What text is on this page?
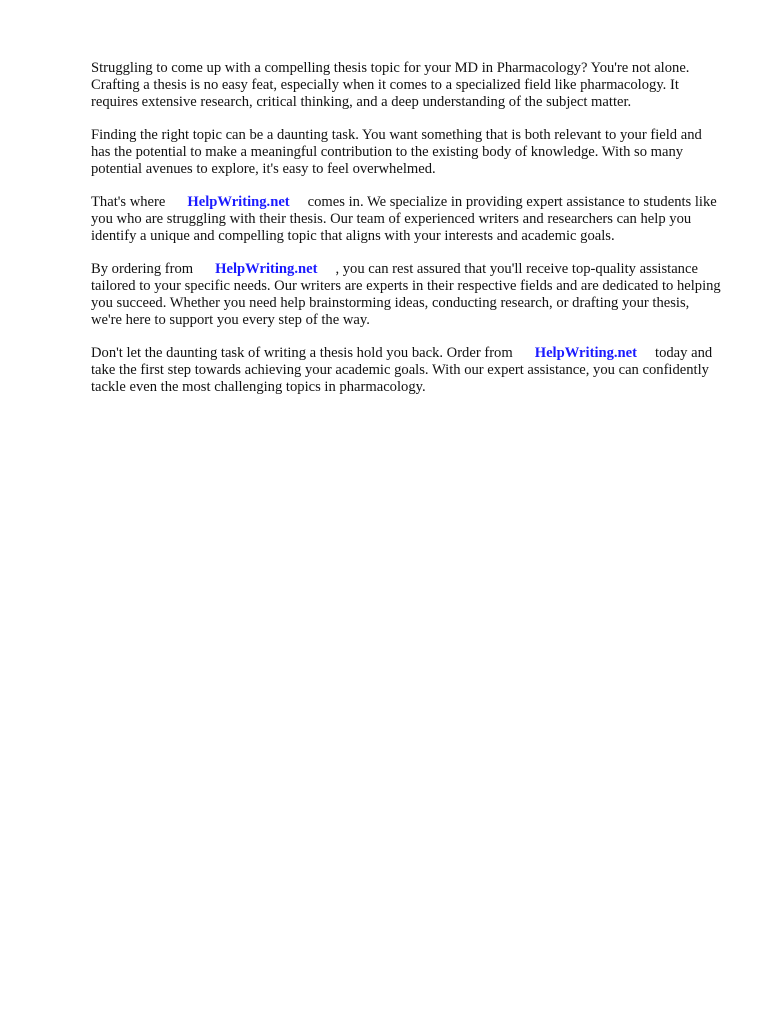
Struggling to come up with a compelling thesis topic for your MD in Pharmacology? You're not alone. Crafting a thesis is no easy feat, especially when it comes to a specialized field like pharmacology. It requires extensive research, critical thinking, and a deep understanding of the subject matter.

Finding the right topic can be a daunting task. You want something that is both relevant to your field and has the potential to make a meaningful contribution to the existing body of knowledge. With so many potential avenues to explore, it's easy to feel overwhelmed.

That's where HelpWriting.net comes in. We specialize in providing expert assistance to students like you who are struggling with their thesis. Our team of experienced writers and researchers can help you identify a unique and compelling topic that aligns with your interests and academic goals.

By ordering from HelpWriting.net , you can rest assured that you'll receive top-quality assistance tailored to your specific needs. Our writers are experts in their respective fields and are dedicated to helping you succeed. Whether you need help brainstorming ideas, conducting research, or drafting your thesis, we're here to support you every step of the way.

Don't let the daunting task of writing a thesis hold you back. Order from HelpWriting.net today and take the first step towards achieving your academic goals. With our expert assistance, you can confidently tackle even the most challenging topics in pharmacology.
